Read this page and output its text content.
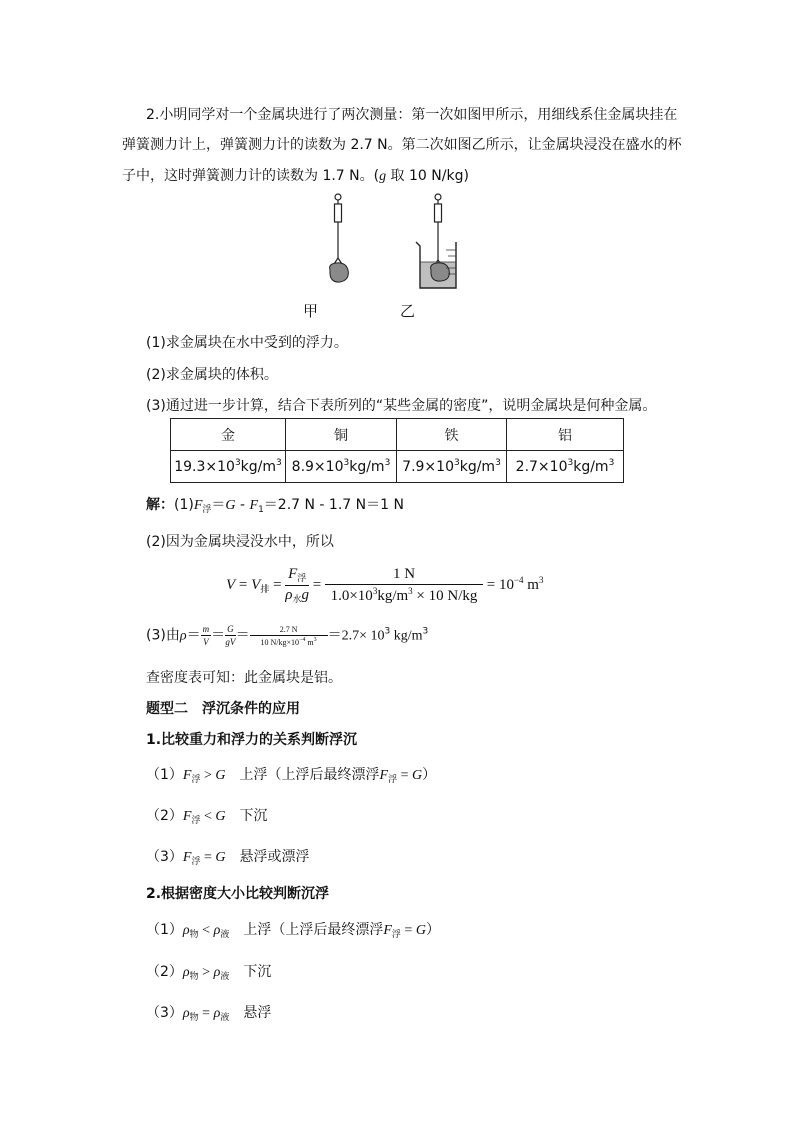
2.小明同学对一个金属块进行了两次测量：第一次如图甲所示，用细线系住金属块挂在
弹簧测力计上，弹簧测力计的读数为 2.7 N。第二次如图乙所示，让金属块浸没在盛水的杯
子中，这时弹簧测力计的读数为 1.7 N。(g 取 10 N/kg)
甲	乙
(1)求金属块在水中受到的浮力。
(2)求金属块的体积。
(3)通过进一步计算，结合下表所列的“某些金属的密度”，说明金属块是何种金属。
金	铜	铁	铝
$19.3\times 10^3kg/m^3$	$8.9\times 10^3kg/m^3$	$7.9\times 10^3kg/m^3$	$2.7\times 10^3kg/m^3$
解：$(1)F_浮=G - F_1=2.7$ N - 1.7 N＝1 N
(2)因为金属块浸没水中，所以
$V = V_排 = \frac{F_浮}{\rho_水g} = \frac{1 N}{1.0\times 10^3kg/m^3 \times 10 N/kg} = 10^{-4}$ $m^3$
(3)由$\rho= \frac{m}{V} = \frac{G}{gV} = \frac{2.7 N}{10 N/kg\times 10^{-4} m^3} =2.7\times 10^3$ $kg/m^3$
查密度表可知：此金属块是铝。
题型二　浮沉条件的应用
1.比较重力和浮力的关系判断浮沉
$(1)F_浮 > G$　上浮（上浮后最终漂浮$F_浮 = G$）
$(2)F_浮 < G$　下沉
$(3)F_浮 = G$　悬浮或漂浮
2.根据密度大小比较判断沉浮
$(1)\rho_物 < \rho_液$　上浮（上浮后最终漂浮$F_浮 = G$）
$(2)\rho_物 > \rho_液$　下沉
$(3)\rho_物 = \rho_液$　悬浮
